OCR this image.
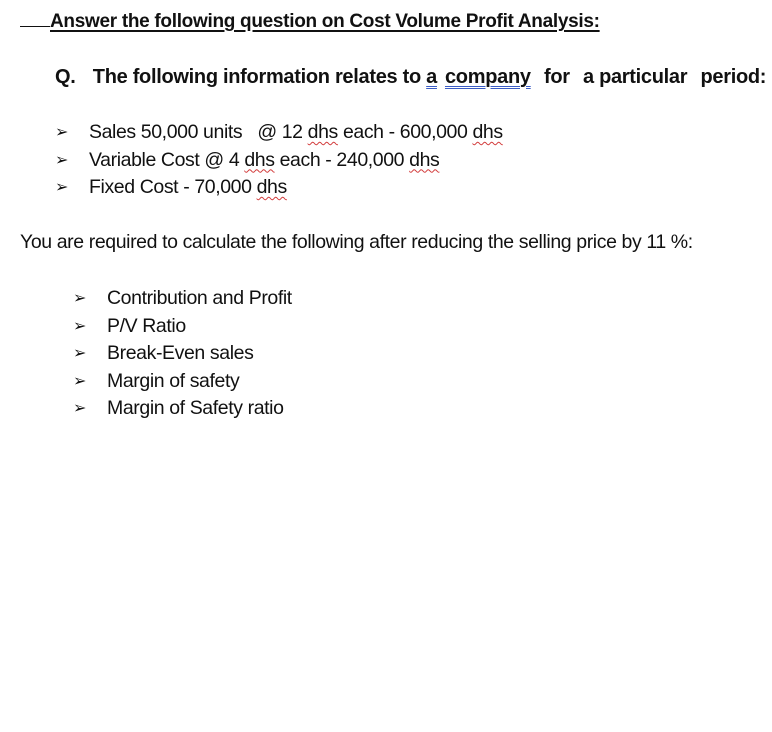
Answer the following question on Cost Volume Profit Analysis:
Q. The following information relates to a company for a particular period:
➢	Sales 50,000 units
@ 12
dhs
each - 600,000
dhs
➢	Variable Cost @ 4
dhs
each - 240,000
dhs
➢	Fixed Cost - 70,000
dhs
You are required to calculate the following after reducing the selling price by 11 %:
➢	Contribution and Profit
➢	P/V Ratio
➢	Break-Even sales
➢	Margin of safety
➢	Margin of Safety ratio
